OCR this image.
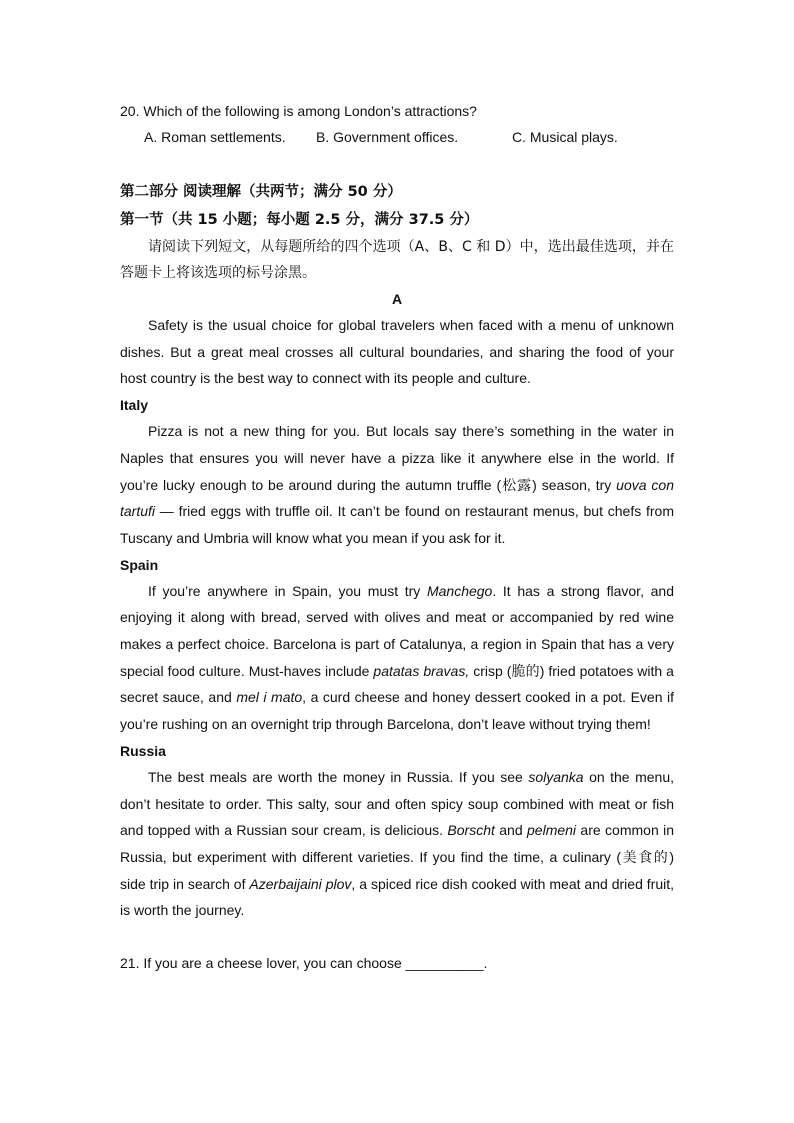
20. Which of the following is among London’s attractions?
A. Roman settlements. B. Government offices.	C. Musical plays.
第二部分 阅读理解（共两节；满分 50 分）
第一节（共 15 小题；每小题 2.5 分，满分 37.5 分）
请阅读下列短文，从每题所给的四个选项（A、B、C 和 D）中，选出最佳选项，并在答题卡上将该选项的标号涂黑。
A

Safety is the usual choice for global travelers when faced with a menu of unknown dishes. But a great meal crosses all cultural boundaries, and sharing the food of your host country is the best way to connect with its people and culture.

Italy

Pizza is not a new thing for you. But locals say there’s something in the water in Naples that ensures you will never have a pizza like it anywhere else in the world. If you’re lucky enough to be around during the autumn truffle (松露) season, try uova con tartufi — fried eggs with truffle oil. It can’t be found on restaurant menus, but chefs from Tuscany and Umbria will know what you mean if you ask for it.

Spain

If you’re anywhere in Spain, you must try Manchego. It has a strong flavor, and enjoying it along with bread, served with olives and meat or accompanied by red wine makes a perfect choice. Barcelona is part of Catalunya, a region in Spain that has a very special food culture. Must-haves include patatas bravas, crisp (脆的) fried potatoes with a secret sauce, and mel i mato, a curd cheese and honey dessert cooked in a pot. Even if you’re rushing on an overnight trip through Barcelona, don’t leave without trying them!

Russia

The best meals are worth the money in Russia. If you see solyanka on the menu, don’t hesitate to order. This salty, sour and often spicy soup combined with meat or fish and topped with a Russian sour cream, is delicious. Borscht and pelmeni are common in Russia, but experiment with different varieties. If you find the time, a culinary (美食的) side trip in search of Azerbaijaini plov, a spiced rice dish cooked with meat and dried fruit, is worth the journey.

21. If you are a cheese lover, you can choose __________.
